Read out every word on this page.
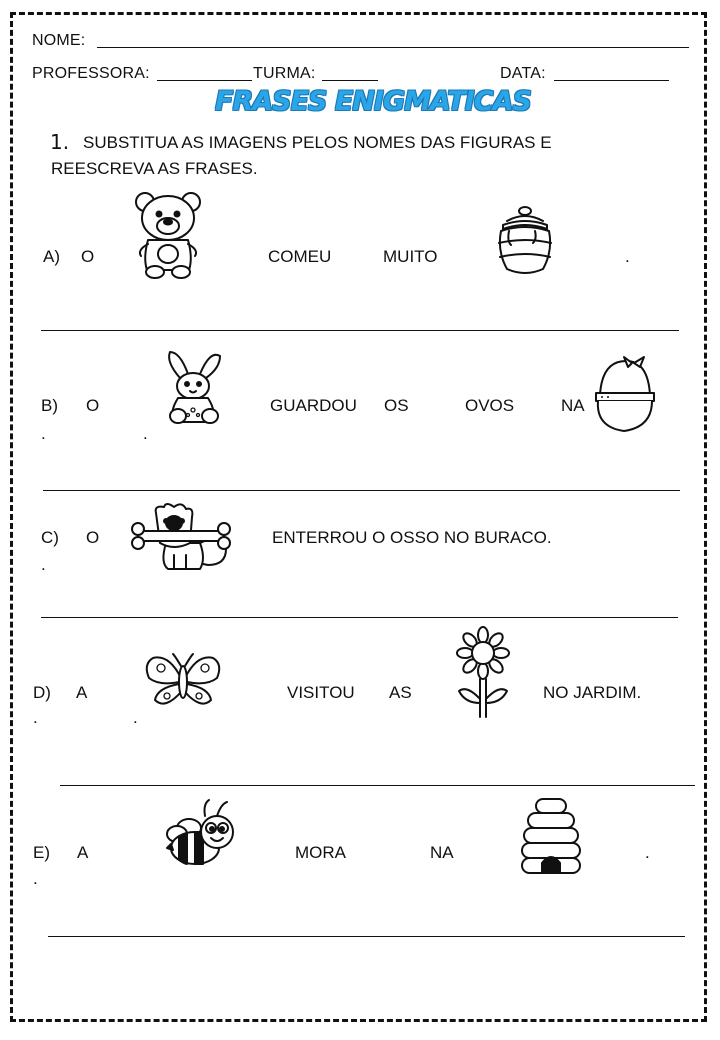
NOME:
PROFESSORA:	TURMA:	DATA:
FRASES ENIGMATICAS
1. SUBSTITUA AS IMAGENS PELOS NOMES DAS FIGURAS E
REESCREVA AS FRASES.
A) O	COMEU	MUITO	.
B) O	GUARDOU OS	OVOS	NA
.	.
C) O	ENTERROU O OSSO NO BURACO.
.
D) A	VISITOU AS	NO JARDIM.
.	.
E) A	MORA	NA	.
.
